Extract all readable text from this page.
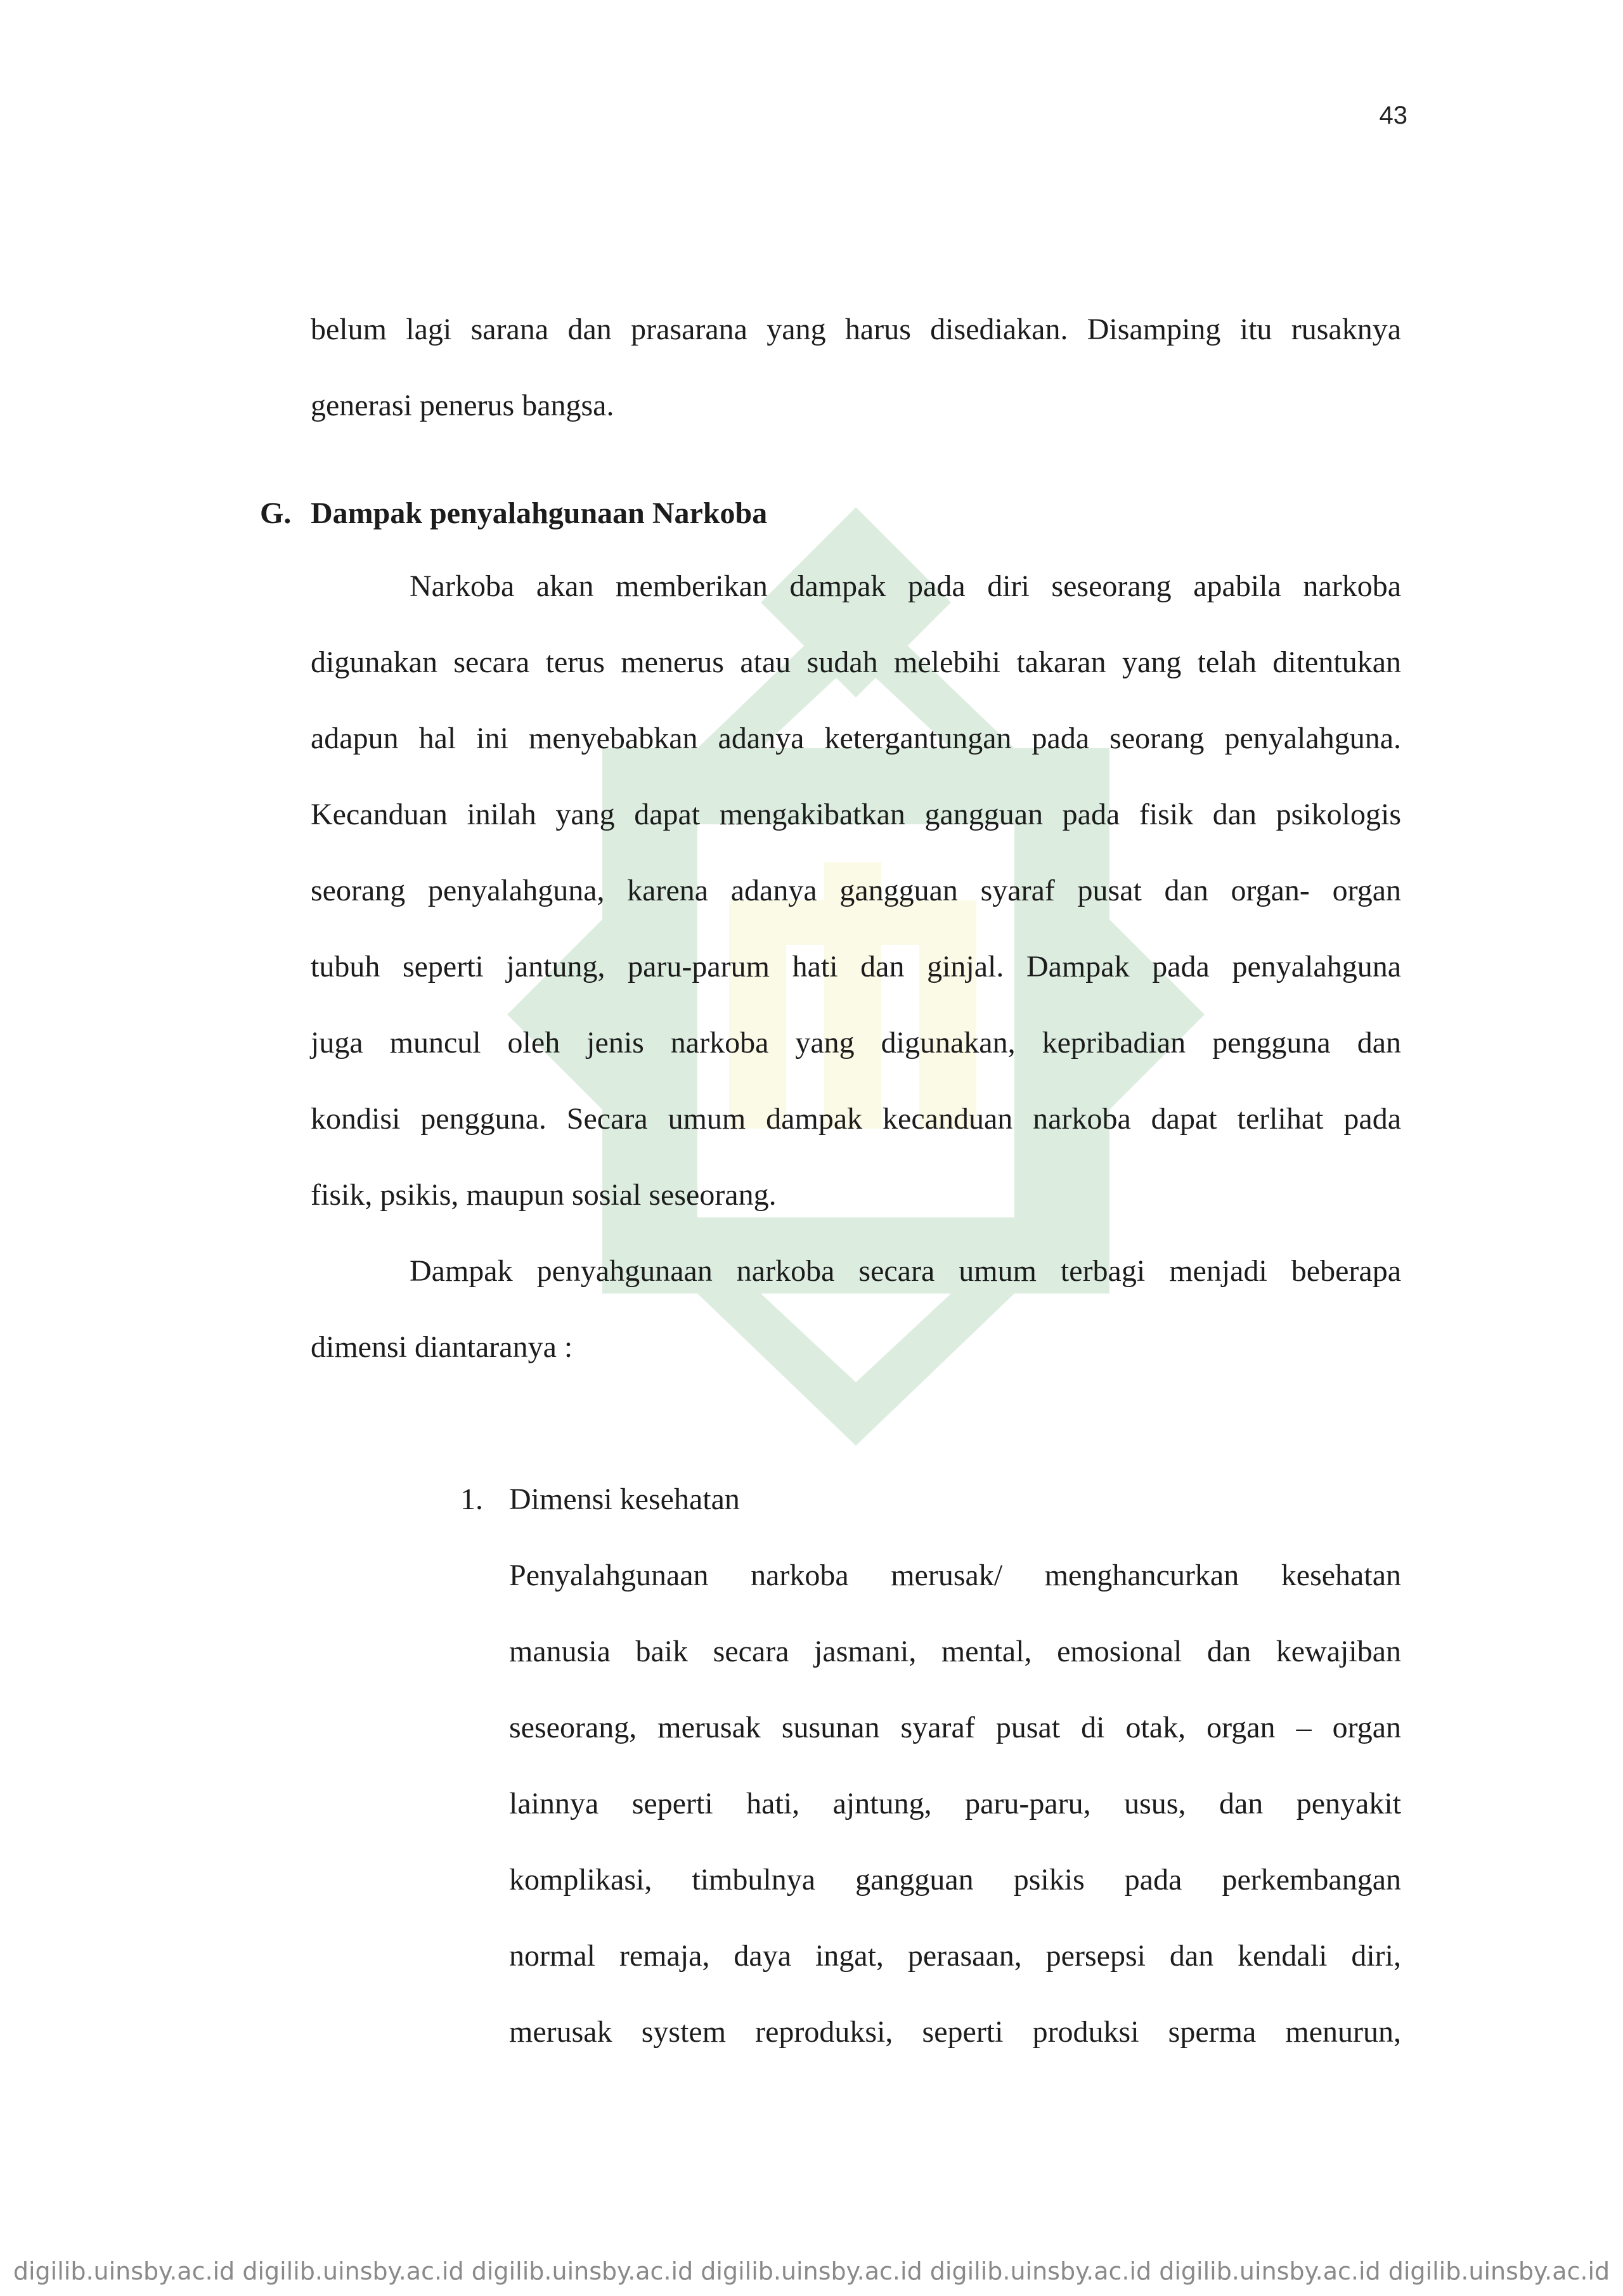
43
belum lagi sarana dan prasarana yang harus disediakan. Disamping itu rusaknya
generasi penerus bangsa.
G. Dampak penyalahgunaan Narkoba
Narkoba akan memberikan dampak pada diri seseorang apabila narkoba
digunakan secara terus menerus atau sudah melebihi takaran yang telah ditentukan
adapun hal ini menyebabkan adanya ketergantungan pada seorang penyalahguna.
Kecanduan inilah yang dapat mengakibatkan gangguan pada fisik dan psikologis
seorang penyalahguna, karena adanya gangguan syaraf pusat dan organ- organ
tubuh seperti jantung, paru-parum hati dan ginjal. Dampak pada penyalahguna
juga muncul oleh jenis narkoba yang digunakan, kepribadian pengguna dan
kondisi pengguna. Secara umum dampak kecanduan narkoba dapat terlihat pada
fisik, psikis, maupun sosial seseorang.
Dampak penyahgunaan narkoba secara umum terbagi menjadi beberapa
dimensi diantaranya :
1. Dimensi kesehatan
Penyalahgunaan narkoba merusak/ menghancurkan kesehatan
manusia baik secara jasmani, mental, emosional dan kewajiban
seseorang, merusak susunan syaraf pusat di otak, organ – organ
lainnya seperti hati, ajntung, paru-paru, usus, dan penyakit
komplikasi, timbulnya gangguan psikis pada perkembangan
normal remaja, daya ingat, perasaan, persepsi dan kendali diri,
merusak system reproduksi, seperti produksi sperma menurun,
digilib.uinsby.ac.id digilib.uinsby.ac.id digilib.uinsby.ac.id digilib.uinsby.ac.id digilib.uinsby.ac.id digilib.uinsby.ac.id digilib.uinsby.ac.id
